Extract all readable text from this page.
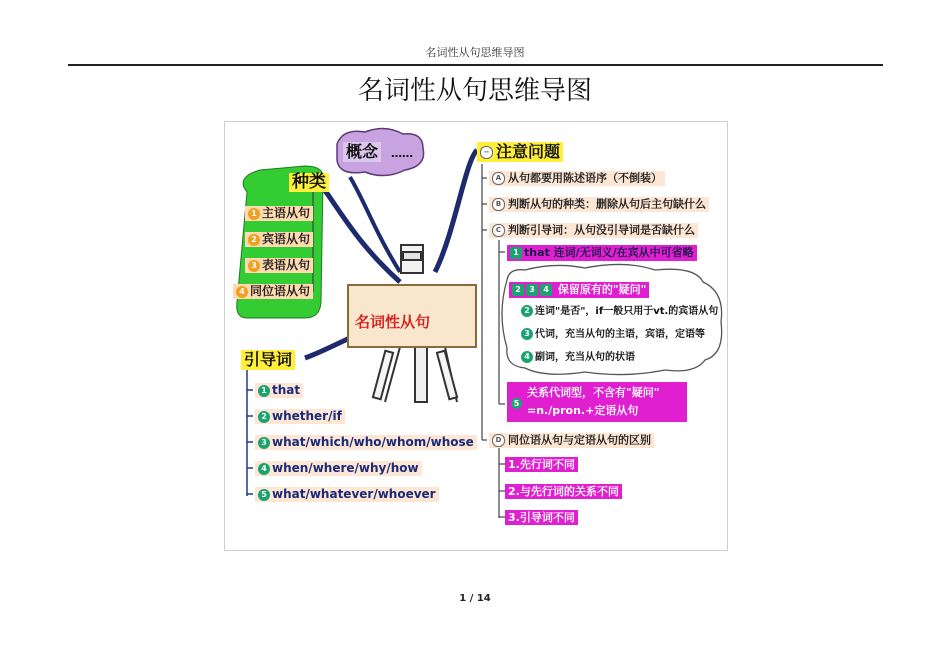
名词性从句思维导图
名词性从句思维导图
名词性从句
概念 ……
种类
1 主语从句
2 宾语从句
3 表语从句
4 同位语从句
引导词
1 that
2 whether/if
3 what/which/who/whom/whose
4 when/where/why/how
5 what/whatever/whoever
− 注意问题
A 从句都要用陈述语序（不倒装）
B 判断从句的种类：删除从句后主句缺什么
C 判断引导词：从句没引导词是否缺什么
1 that 连词/无词义/在宾从中可省略
2 3 4 保留原有的"疑问"
2 连词"是否"，if一般只用于vt.的宾语从句
3 代词，充当从句的主语，宾语，定语等
4 副词，充当从句的状语
5
关系代词型，不含有"疑问"
=n./pron.+定语从句
D 同位语从句与定语从句的区别
1.先行词不同
2.与先行词的关系不同
3.引导词不同
1 / 14
